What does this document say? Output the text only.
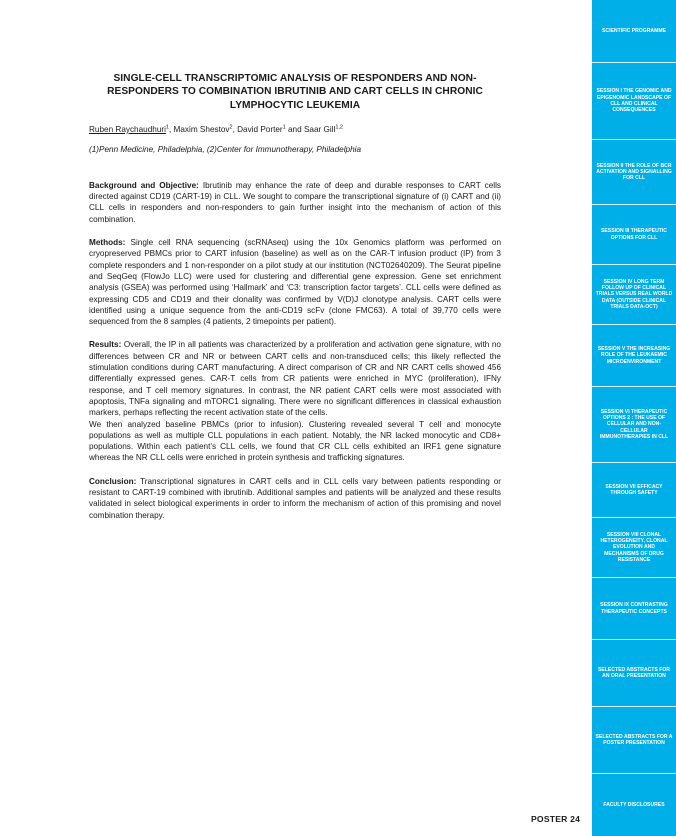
SINGLE-CELL TRANSCRIPTOMIC ANALYSIS OF RESPONDERS AND NON-RESPONDERS TO COMBINATION IBRUTINIB AND CART CELLS IN CHRONIC LYMPHOCYTIC LEUKEMIA
Ruben Raychaudhuri$^1$, Maxim Shestov$^2$, David Porter$^1$ and Saar Gill$^{1,2}$
(1)Penn Medicine, Philadelphia, (2)Center for Immunotherapy, Philadelphia

Background and Objective: Ibrutinib may enhance the rate of deep and durable responses to CART cells directed against CD19 (CART-19) in CLL. We sought to compare the transcriptional signature of (i) CART and (ii) CLL cells in responders and non-responders to gain further insight into the mechanism of action of this combination.

Methods: Single cell RNA sequencing (scRNAseq) using the 10x Genomics platform was performed on cryopreserved PBMCs prior to CART infusion (baseline) as well as on the CAR-T infusion product (IP) from 3 complete responders and 1 non-responder on a pilot study at our institution (NCT02640209). The Seurat pipeline and SeqGeq (FlowJo LLC) were used for clustering and differential gene expression. Gene set enrichment analysis (GSEA) was performed using ‘Hallmark’ and ‘C3: transcription factor targets’. CLL cells were defined as expressing CD5 and CD19 and their clonality was confirmed by V(D)J clonotype analysis. CART cells were identified using a unique sequence from the anti-CD19 scFv (clone FMC63). A total of 39,770 cells were sequenced from the 8 samples (4 patients, 2 timepoints per patient).

Results: Overall, the IP in all patients was characterized by a proliferation and activation gene signature, with no differences between CR and NR or between CART cells and non-transduced cells; this likely reflected the stimulation conditions during CART manufacturing. A direct comparison of CR and NR CART cells showed 456 differentially expressed genes. CAR-T cells from CR patients were enriched in MYC (proliferation), IFNy response, and T cell memory signatures. In contrast, the NR patient CART cells were most associated with apoptosis, TNFa signaling and mTORC1 signaling. There were no significant differences in classical exhaustion markers, perhaps reflecting the recent activation state of the cells.

We then analyzed baseline PBMCs (prior to infusion). Clustering revealed several T cell and monocyte populations as well as multiple CLL populations in each patient. Notably, the NR lacked monocytic and CD8+ populations. Within each patient’s CLL cells, we found that CR CLL cells exhibited an IRF1 gene signature whereas the NR CLL cells were enriched in protein synthesis and trafficking signatures.

Conclusion: Transcriptional signatures in CART cells and in CLL cells vary between patients responding or resistant to CART-19 combined with ibrutinib. Additional samples and patients will be analyzed and these results validated in select biological experiments in order to inform the mechanism of action of this promising and novel combination therapy.

POSTER 24
SCIENTIFIC PROGRAMME
SESSION I THE GENOMIC AND EPIGENOMIC LANDSCAPE OF CLL AND CLINICAL CONSEQUENCES
SESSION II THE ROLE OF BCR ACTIVATION AND SIGNALLING FOR CLL
SESSION III THERAPEUTIC OPTIONS FOR CLL
SESSION IV LONG TERM FOLLOW UP OF CLINICAL TRIALS VERSUS REAL WORLD DATA (OUTSIDE CLINICAL TRIALS DATA-OCT)
SESSION V THE INCREASING ROLE OF THE LEUKAEMIC MICROENVIRONMENT
SESSION VI THERAPEUTIC OPTIONS 2 : THE USE OF CELLULAR AND NON-CELLULAR IMMUNOTHERAPIES IN CLL
SESSION VII EFFICACY THROUGH SAFETY
SESSION VIII CLONAL HETEROGENEITY, CLONAL EVOLUTION AND MECHANISMS OF DRUG RESISTANCE
SESSION IX CONTRASTING THERAPEUTIC CONCEPTS
SELECTED ABSTRACTS FOR AN ORAL PRESENTATION
SELECTED ABSTRACTS FOR A POSTER PRESENTATION
FACULTY DISCLOSURES
